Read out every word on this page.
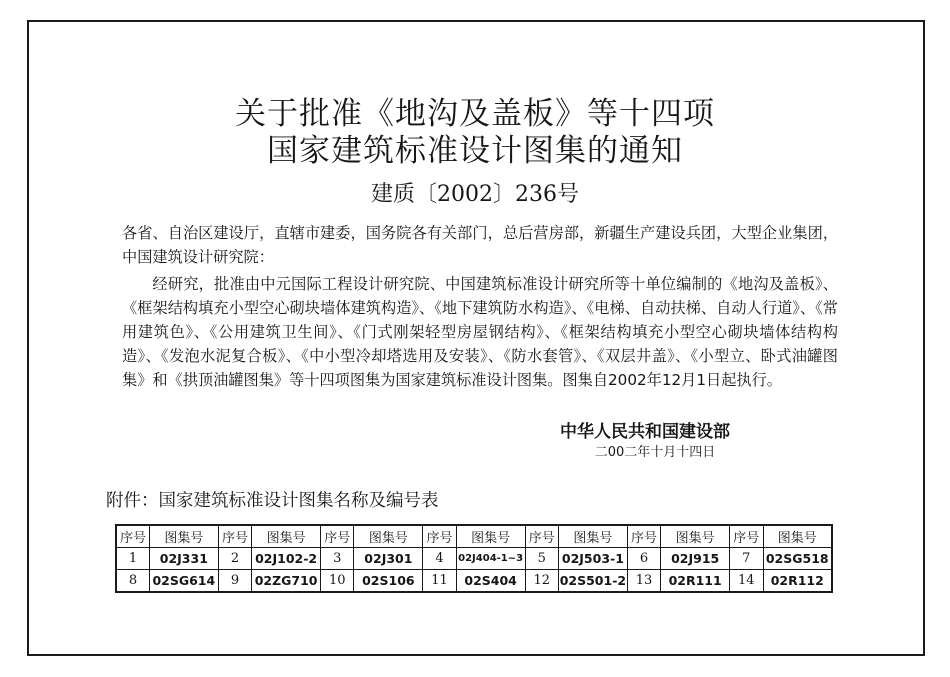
关于批准《地沟及盖板》等十四项
国家建筑标准设计图集的通知
建质〔2002〕236号

各省、自治区建设厅，直辖市建委，国务院各有关部门，总后营房部，新疆生产建设兵团，大型企业集团，中国建筑设计研究院：

经研究，批准由中元国际工程设计研究院、中国建筑标准设计研究所等十单位编制的《地沟及盖板》、《框架结构填充小型空心砌块墙体建筑构造》、《地下建筑防水构造》、《电梯、自动扶梯、自动人行道》、《常用建筑色》、《公用建筑卫生间》、《门式刚架轻型房屋钢结构》、《框架结构填充小型空心砌块墙体结构构造》、《发泡水泥复合板》、《中小型冷却塔选用及安装》、《防水套管》、《双层井盖》、《小型立、卧式油罐图集》和《拱顶油罐图集》等十四项图集为国家建筑标准设计图集。图集自2002年12月1日起执行。

中华人民共和国建设部
二00二年十月十四日
附件：国家建筑标准设计图集名称及编号表
序号	图集号	序号	图集号	序号	图集号	序号	图集号	序号	图集号	序号	图集号	序号	图集号
1	02J331	2	02J102-2	3	02J301	4	02J404-1~3	5	02J503-1	6	02J915	7	02SG518
8	02SG614	9	02ZG710	10	02S106	11	02S404	12	02S501-2	13	02R111	14	02R112
